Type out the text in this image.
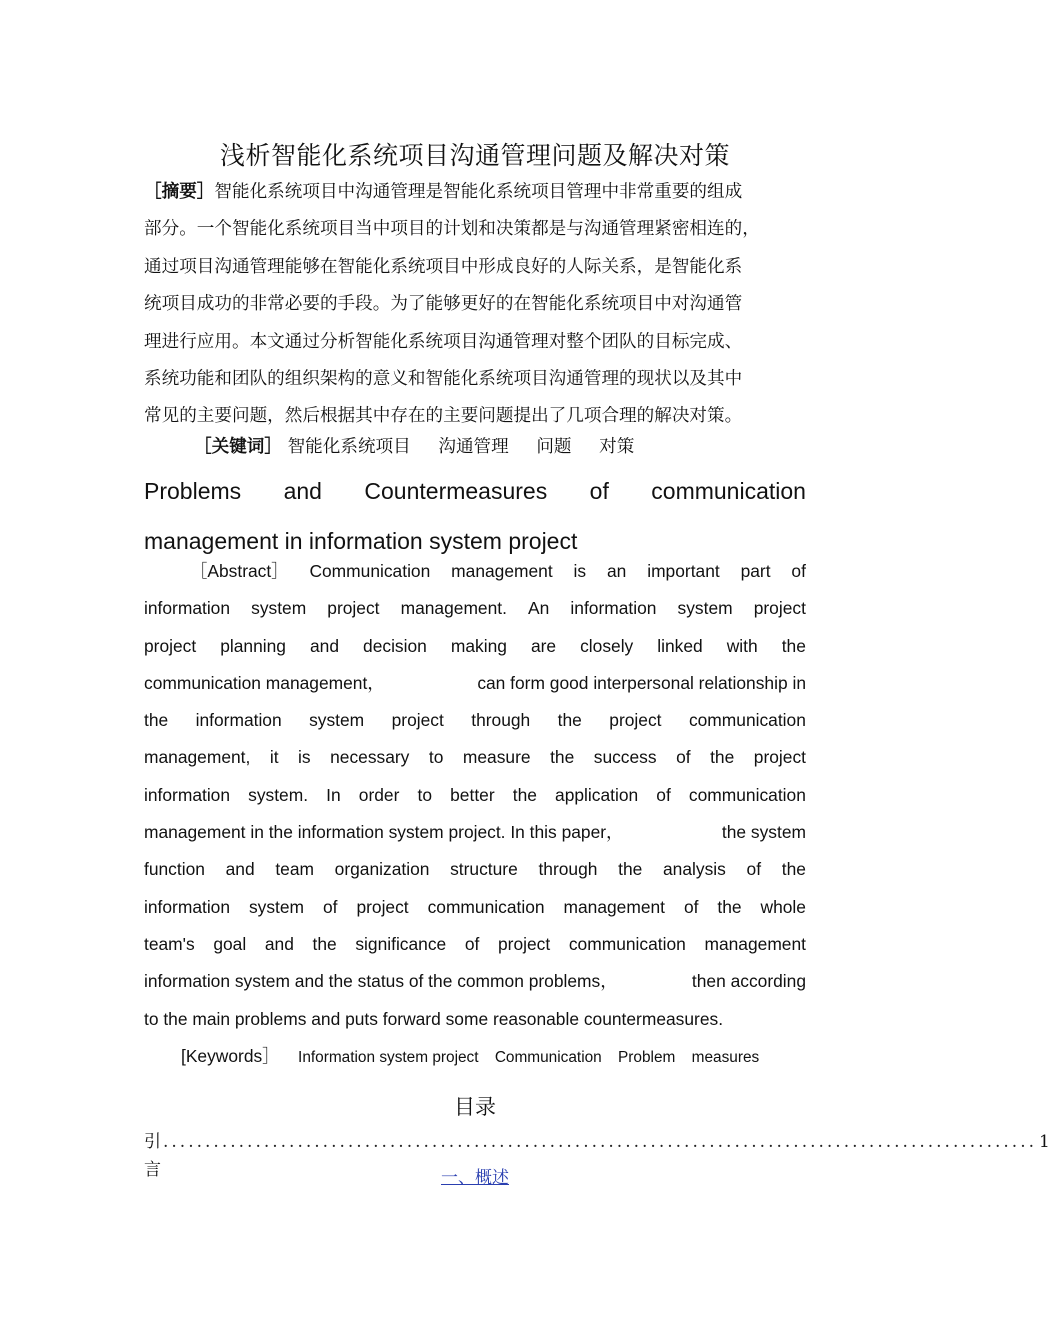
浅析智能化系统项目沟通管理问题及解决对策
［摘要］智能化系统项目中沟通管理是智能化系统项目管理中非常重要的组成
部分。一个智能化系统项目当中项目的计划和决策都是与沟通管理紧密相连的，
通过项目沟通管理能够在智能化系统项目中形成良好的人际关系，是智能化系
统项目成功的非常必要的手段。为了能够更好的在智能化系统项目中对沟通管
理进行应用。本文通过分析智能化系统项目沟通管理对整个团队的目标完成、
系统功能和团队的组织架构的意义和智能化系统项目沟通管理的现状以及其中
常见的主要问题，然后根据其中存在的主要问题提出了几项合理的解决对策。
［关键词］ 智能化系统项目 沟通管理 问题 对策
Problems and Countermeasures of communication
management in information system project
［Abstract］ Communication management is an important part of
information system project management. An information system project
project planning and decision making are closely linked with the
communication management，	can form good interpersonal relationship in
the information system project through the project communication
management, it is necessary to measure the success of the project
information system. In order to better the application of communication
management in the information system project. In this paper，	the system
function and team organization structure through the analysis of the
information system of project communication management of the whole
team's goal and the significance of project communication management
information system and the status of the common problems，	then according
to the main problems and puts forward some reasonable countermeasures.
[Keywords］ Information system project Communication Problem measures
目录
引言
........................................................................................................ 1
一、概述
